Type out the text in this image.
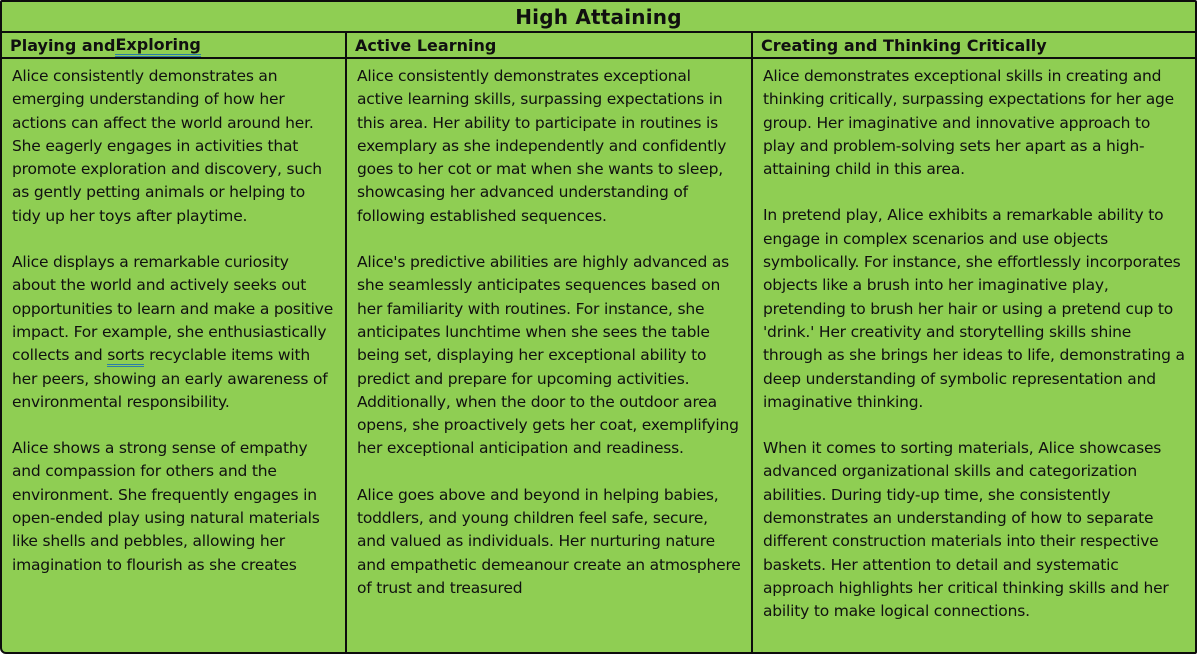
High Attaining
Playing and Exploring	Active Learning	Creating and Thinking Critically

Alice consistently demonstrates an emerging understanding of how her actions can affect the world around her. She eagerly engages in activities that promote exploration and discovery, such as gently petting animals or helping to tidy up her toys after playtime.

Alice displays a remarkable curiosity about the world and actively seeks out opportunities to learn and make a positive impact. For example, she enthusiastically collects and sorts recyclable items with her peers, showing an early awareness of environmental responsibility.

Alice shows a strong sense of empathy and compassion for others and the environment. She frequently engages in open-ended play using natural materials like shells and pebbles, allowing her imagination to flourish as she creates

Alice consistently demonstrates exceptional active learning skills, surpassing expectations in this area. Her ability to participate in routines is exemplary as she independently and confidently goes to her cot or mat when she wants to sleep, showcasing her advanced understanding of following established sequences.

Alice's predictive abilities are highly advanced as she seamlessly anticipates sequences based on her familiarity with routines. For instance, she anticipates lunchtime when she sees the table being set, displaying her exceptional ability to predict and prepare for upcoming activities. Additionally, when the door to the outdoor area opens, she proactively gets her coat, exemplifying her exceptional anticipation and readiness.

Alice goes above and beyond in helping babies, toddlers, and young children feel safe, secure, and valued as individuals. Her nurturing nature and empathetic demeanour create an atmosphere of trust and treasured

Alice demonstrates exceptional skills in creating and thinking critically, surpassing expectations for her age group. Her imaginative and innovative approach to play and problem-solving sets her apart as a high-attaining child in this area.

In pretend play, Alice exhibits a remarkable ability to engage in complex scenarios and use objects symbolically. For instance, she effortlessly incorporates objects like a brush into her imaginative play, pretending to brush her hair or using a pretend cup to 'drink.' Her creativity and storytelling skills shine through as she brings her ideas to life, demonstrating a deep understanding of symbolic representation and imaginative thinking.

When it comes to sorting materials, Alice showcases advanced organizational skills and categorization abilities. During tidy-up time, she consistently demonstrates an understanding of how to separate different construction materials into their respective baskets. Her attention to detail and systematic approach highlights her critical thinking skills and her ability to make logical connections.
